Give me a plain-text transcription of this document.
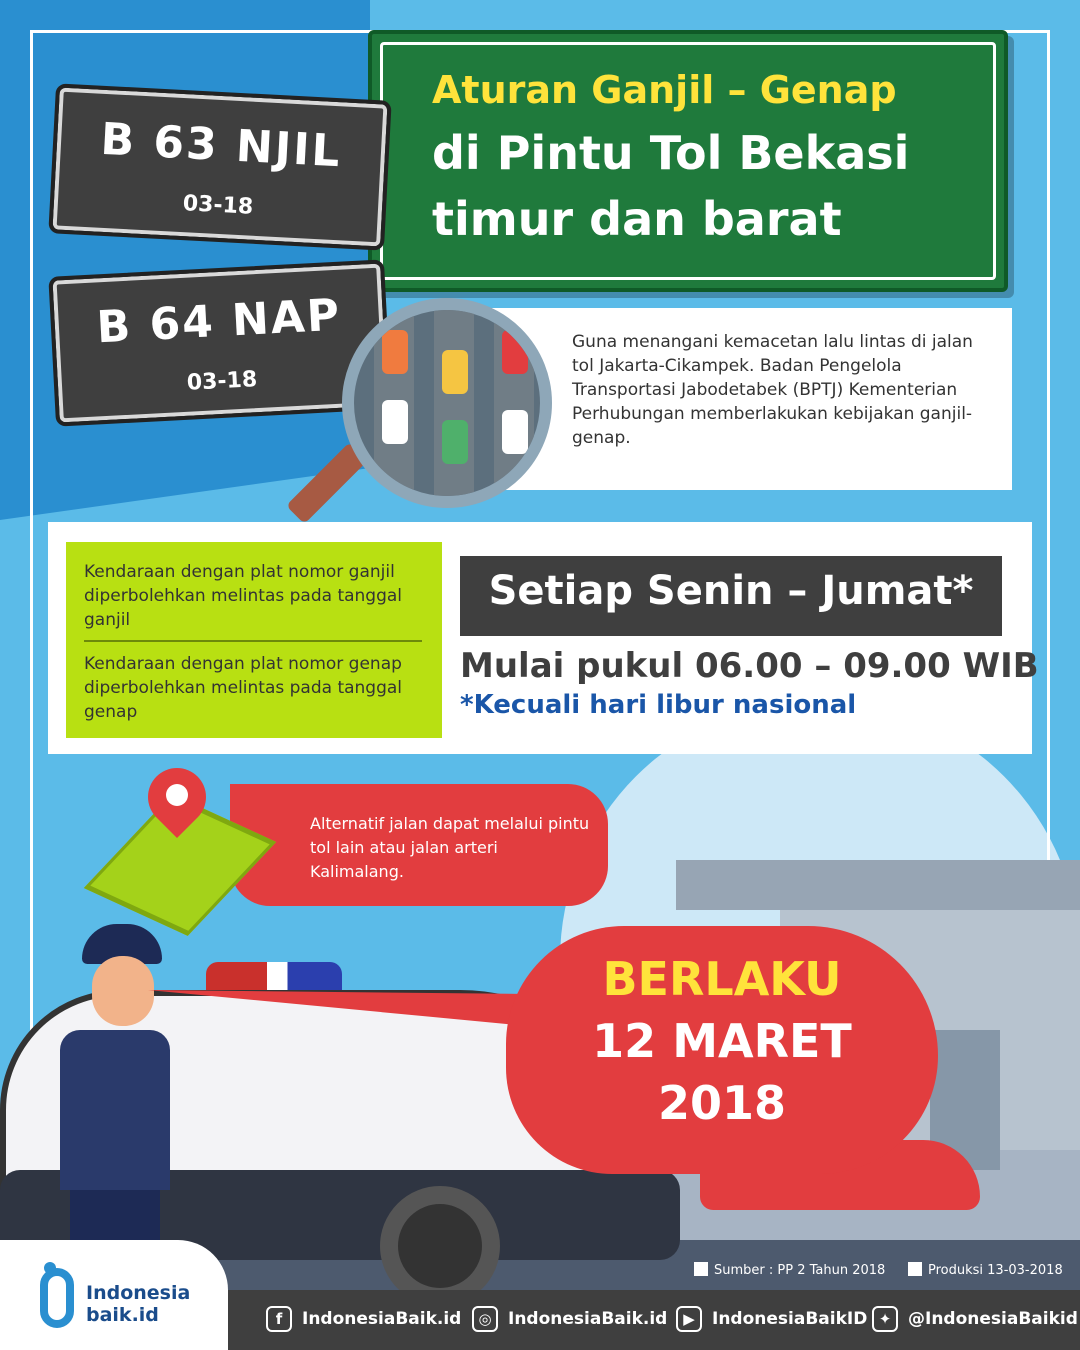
Aturan Ganjil – Genap
di Pintu Tol Bekasi
timur dan barat
B 63 NJIL
03-18
B 64 NAP
03-18
Guna menangani kemacetan lalu lintas di jalan tol Jakarta-Cikampek. Badan Pengelola Transportasi Jabodetabek (BPTJ) Kementerian Perhubungan memberlakukan kebijakan ganjil-genap.
Kendaraan dengan plat nomor ganjil diperbolehkan melintas pada tanggal ganjil
Kendaraan dengan plat nomor genap diperbolehkan melintas pada tanggal genap
Setiap Senin – Jumat*
Mulai pukul 06.00 – 09.00 WIB
*Kecuali hari libur nasional
Alternatif jalan dapat melalui pintu tol lain atau jalan arteri Kalimalang.
BERLAKU
12 MARET
2018
Sumber : PP 2 Tahun 2018	Produksi 13-03-2018
f	IndonesiaBaik.id	◎ IndonesiaBaik.id	▶	IndonesiaBaikID ✦ @IndonesiaBaikid
Indonesia
baik.id
